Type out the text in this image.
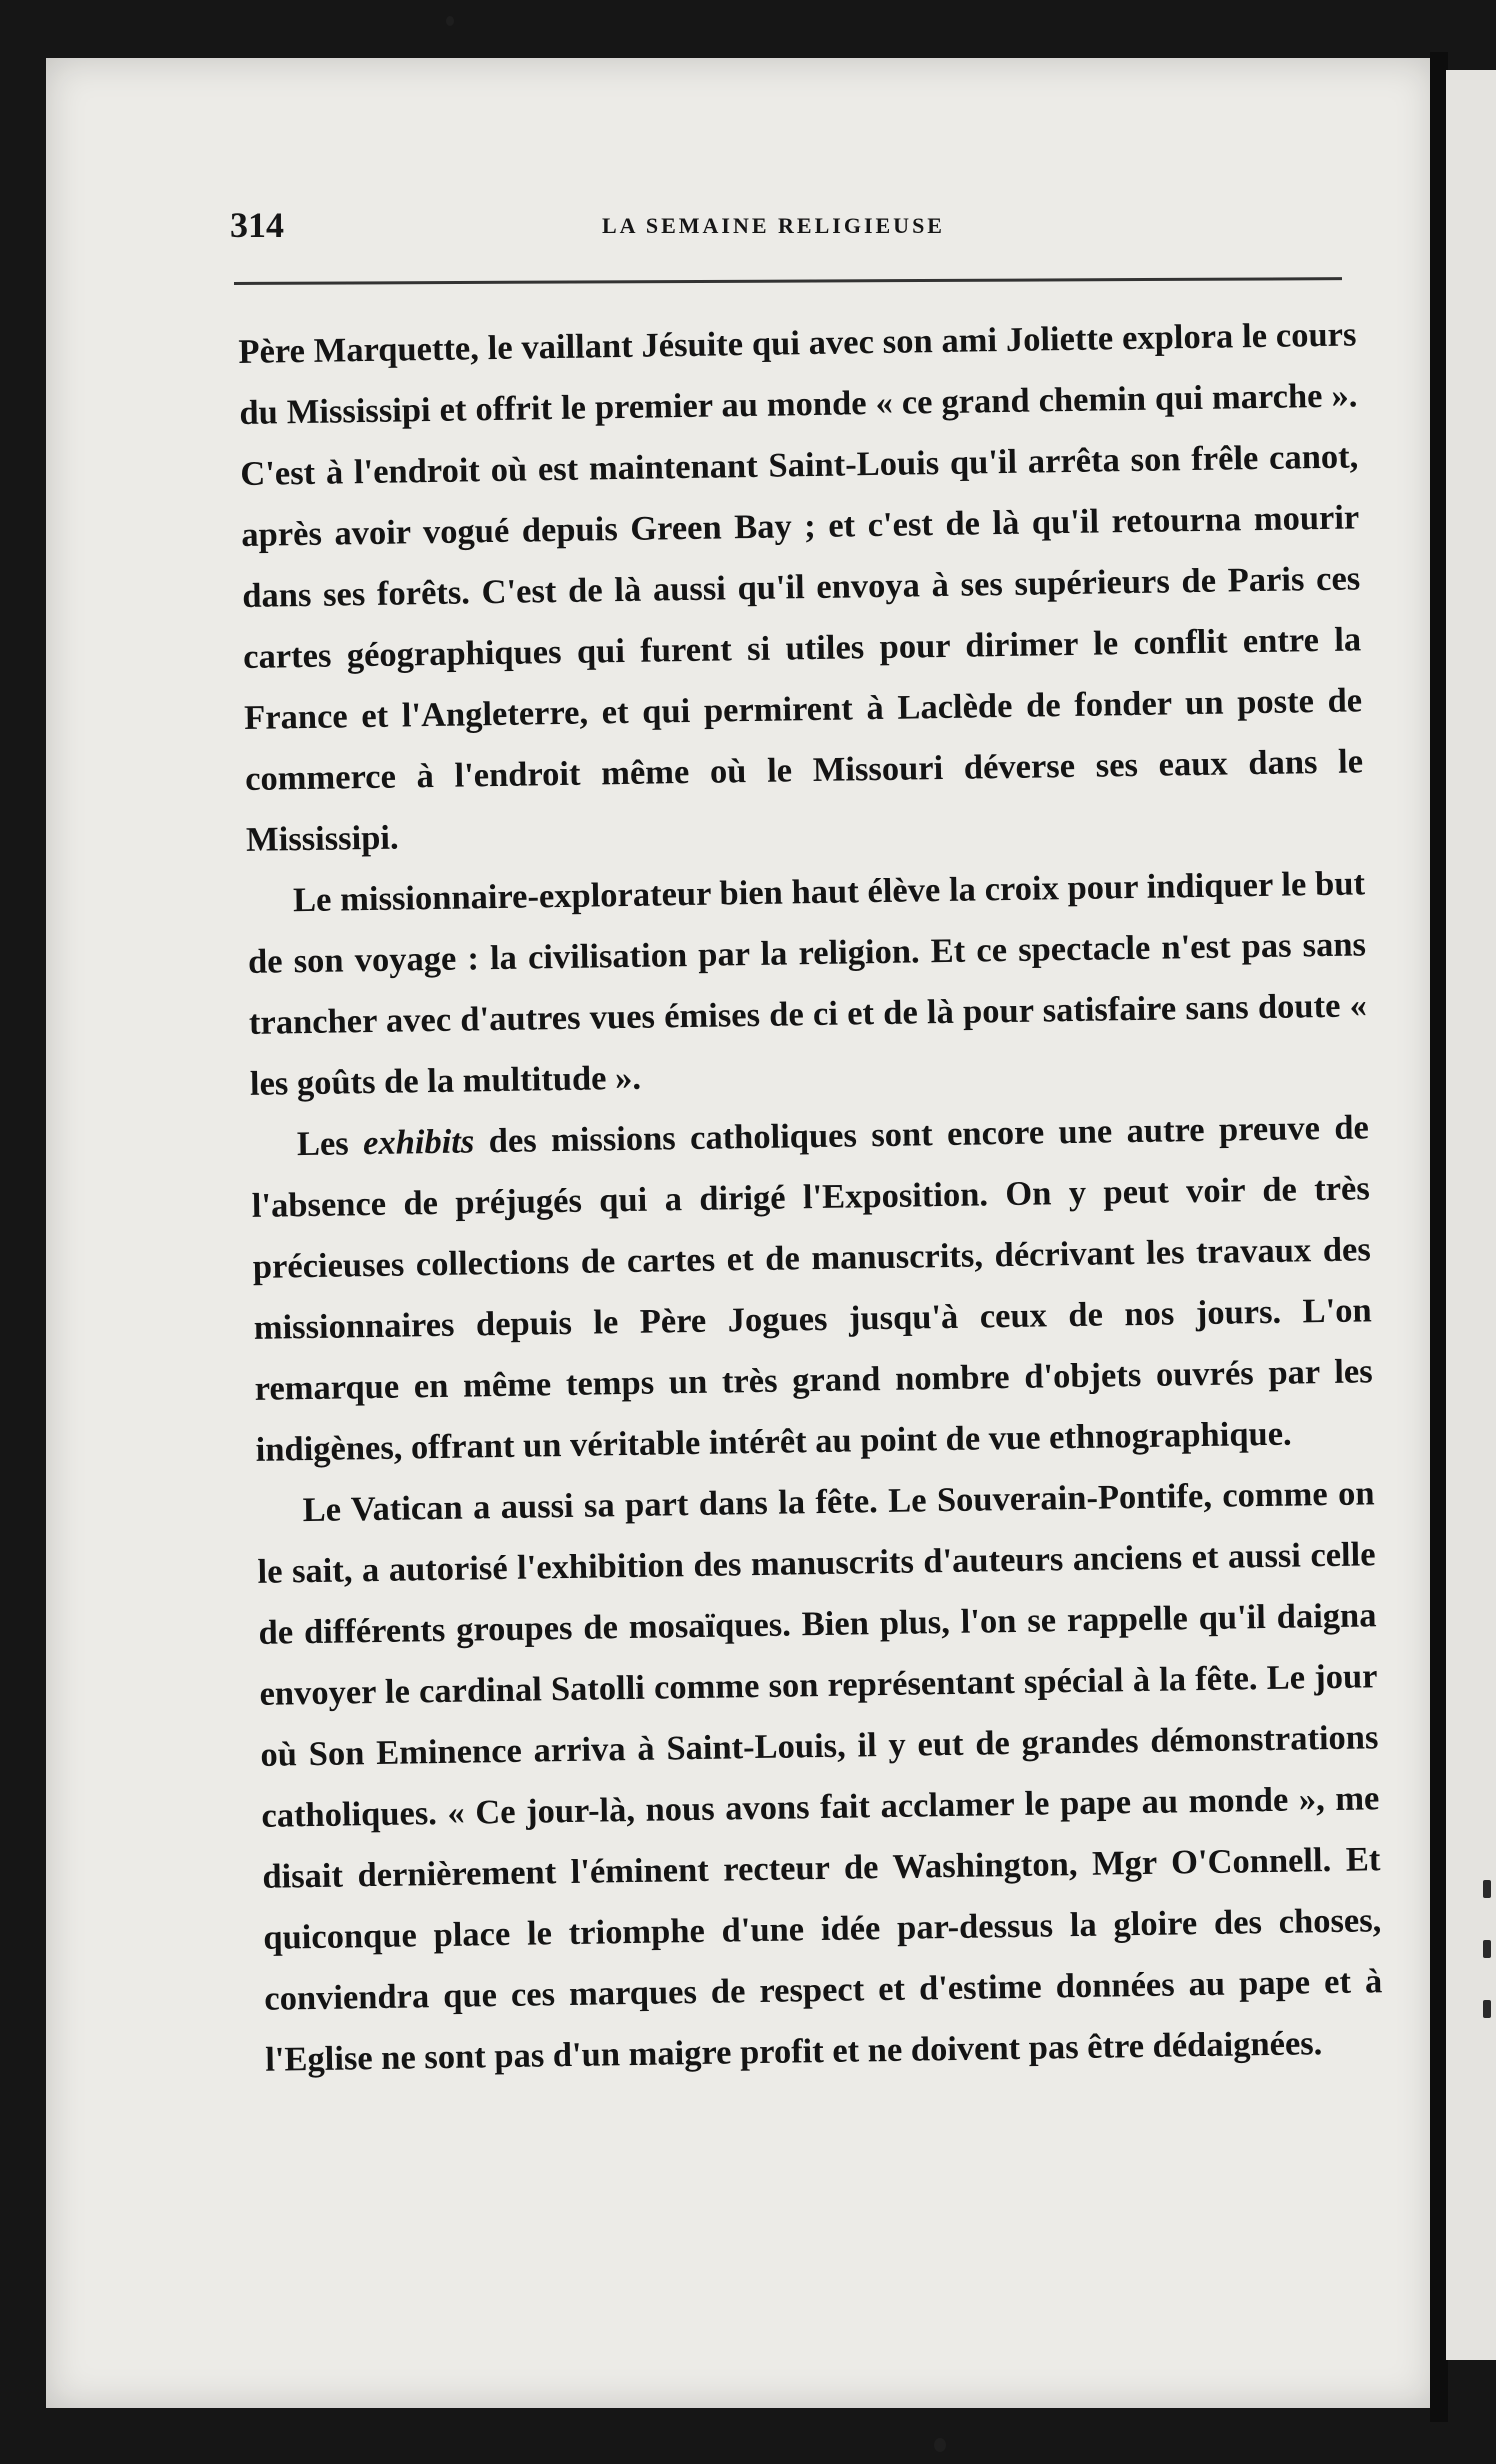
314	LA SEMAINE RELIGIEUSE

Père Marquette, le vaillant Jésuite qui avec son ami Joliette explora le cours du Mississipi et offrit le premier au monde « ce grand chemin qui marche ». C'est à l'endroit où est maintenant Saint-Louis qu'il arrêta son frêle canot, après avoir vogué depuis Green Bay ; et c'est de là qu'il retourna mourir dans ses forêts. C'est de là aussi qu'il envoya à ses supérieurs de Paris ces cartes géographiques qui furent si utiles pour dirimer le conflit entre la France et l'Angleterre, et qui permirent à Laclède de fonder un poste de commerce à l'endroit même où le Missouri déverse ses eaux dans le Mississipi.

Le missionnaire-explorateur bien haut élève la croix pour indiquer le but de son voyage : la civilisation par la religion. Et ce spectacle n'est pas sans trancher avec d'autres vues émises de ci et de là pour satisfaire sans doute « les goûts de la multitude ».

Les exhibits des missions catholiques sont encore une autre preuve de l'absence de préjugés qui a dirigé l'Exposition. On y peut voir de très précieuses collections de cartes et de manuscrits, décrivant les travaux des missionnaires depuis le Père Jogues jusqu'à ceux de nos jours. L'on remarque en même temps un très grand nombre d'objets ouvrés par les indigènes, offrant un véritable intérêt au point de vue ethnographique.

Le Vatican a aussi sa part dans la fête. Le Souverain-Pontife, comme on le sait, a autorisé l'exhibition des manuscrits d'auteurs anciens et aussi celle de différents groupes de mosaïques. Bien plus, l'on se rappelle qu'il daigna envoyer le cardinal Satolli comme son représentant spécial à la fête. Le jour où Son Eminence arriva à Saint-Louis, il y eut de grandes démonstrations catholiques. « Ce jour-là, nous avons fait acclamer le pape au monde », me disait dernièrement l'éminent recteur de Washington, Mgr O'Connell. Et quiconque place le triomphe d'une idée par-dessus la gloire des choses, conviendra que ces marques de respect et d'estime données au pape et à l'Eglise ne sont pas d'un maigre profit et ne doivent pas être dédaignées.
